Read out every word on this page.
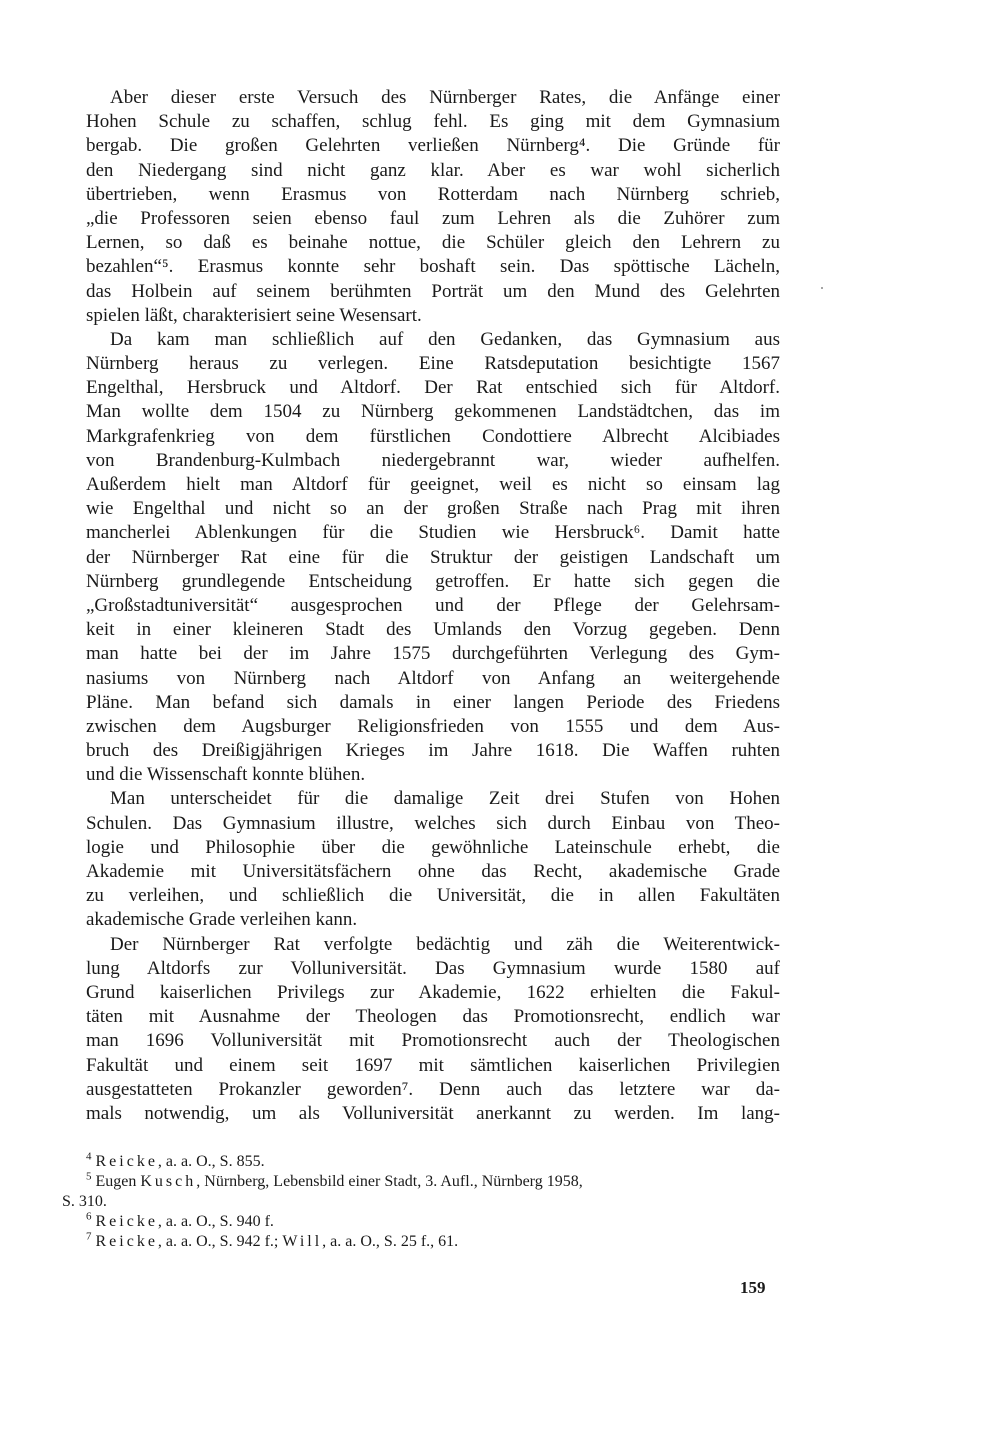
Aber dieser erste Versuch des Nürnberger Rates, die Anfänge einer
Hohen Schule zu schaffen, schlug fehl. Es ging mit dem Gymnasium
bergab. Die großen Gelehrten verließen Nürnberg⁴. Die Gründe für
den Niedergang sind nicht ganz klar. Aber es war wohl sicherlich
übertrieben, wenn Erasmus von Rotterdam nach Nürnberg schrieb,
„die Professoren seien ebenso faul zum Lehren als die Zuhörer zum
Lernen, so daß es beinahe nottue, die Schüler gleich den Lehrern zu
bezahlen“⁵. Erasmus konnte sehr boshaft sein. Das spöttische Lächeln,
das Holbein auf seinem berühmten Porträt um den Mund des Gelehrten
spielen läßt, charakterisiert seine Wesensart.
Da kam man schließlich auf den Gedanken, das Gymnasium aus
Nürnberg heraus zu verlegen. Eine Ratsdeputation besichtigte 1567
Engelthal, Hersbruck und Altdorf. Der Rat entschied sich für Altdorf.
Man wollte dem 1504 zu Nürnberg gekommenen Landstädtchen, das im
Markgrafenkrieg von dem fürstlichen Condottiere Albrecht Alcibiades
von Brandenburg-Kulmbach niedergebrannt war, wieder aufhelfen.
Außerdem hielt man Altdorf für geeignet, weil es nicht so einsam lag
wie Engelthal und nicht so an der großen Straße nach Prag mit ihren
mancherlei Ablenkungen für die Studien wie Hersbruck⁶. Damit hatte
der Nürnberger Rat eine für die Struktur der geistigen Landschaft um
Nürnberg grundlegende Entscheidung getroffen. Er hatte sich gegen die
„Großstadtuniversität“ ausgesprochen und der Pflege der Gelehrsam-
keit in einer kleineren Stadt des Umlands den Vorzug gegeben. Denn
man hatte bei der im Jahre 1575 durchgeführten Verlegung des Gym-
nasiums von Nürnberg nach Altdorf von Anfang an weitergehende
Pläne. Man befand sich damals in einer langen Periode des Friedens
zwischen dem Augsburger Religionsfrieden von 1555 und dem Aus-
bruch des Dreißigjährigen Krieges im Jahre 1618. Die Waffen ruhten
und die Wissenschaft konnte blühen.
Man unterscheidet für die damalige Zeit drei Stufen von Hohen
Schulen. Das Gymnasium illustre, welches sich durch Einbau von Theo-
logie und Philosophie über die gewöhnliche Lateinschule erhebt, die
Akademie mit Universitätsfächern ohne das Recht, akademische Grade
zu verleihen, und schließlich die Universität, die in allen Fakultäten
akademische Grade verleihen kann.
Der Nürnberger Rat verfolgte bedächtig und zäh die Weiterentwick-
lung Altdorfs zur Volluniversität. Das Gymnasium wurde 1580 auf
Grund kaiserlichen Privilegs zur Akademie, 1622 erhielten die Fakul-
täten mit Ausnahme der Theologen das Promotionsrecht, endlich war
man 1696 Volluniversität mit Promotionsrecht auch der Theologischen
Fakultät und einem seit 1697 mit sämtlichen kaiserlichen Privilegien
ausgestatteten Prokanzler geworden⁷. Denn auch das letztere war da-
mals notwendig, um als Volluniversität anerkannt zu werden. Im lang-
$^4$ Reicke, a. a. O., S. 855.
$^5$ Eugen Kusch, Nürnberg, Lebensbild einer Stadt, 3. Aufl., Nürnberg 1958,
S. 310.
$^6$ Reicke, a. a. O., S. 940 f.
$^7$ Reicke, a. a. O., S. 942 f.; Will, a. a. O., S. 25 f., 61.
159
